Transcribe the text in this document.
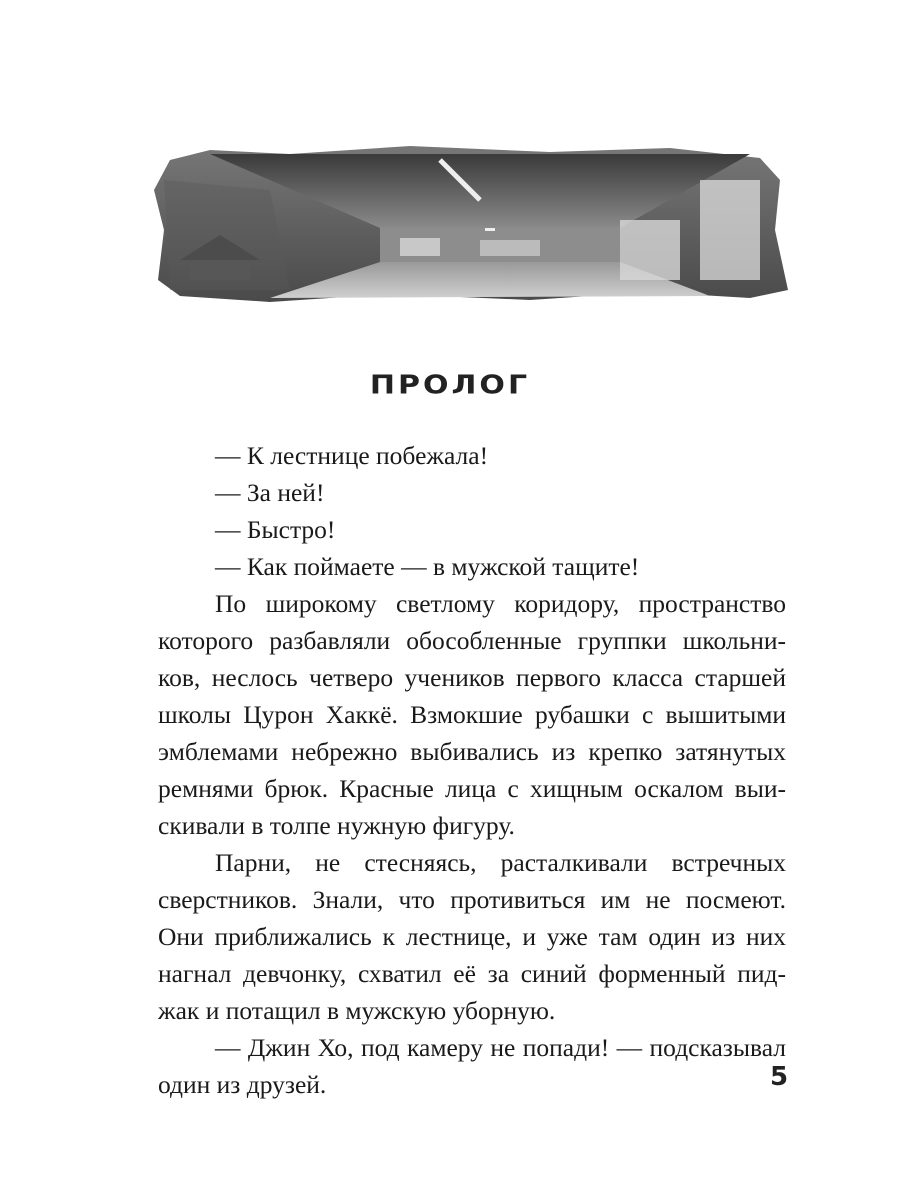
ПРОЛОГ
— К лестнице побежала!
— За ней!
— Быстро!
— Как поймаете — в мужской тащите!
По широкому светлому коридору, пространство
которого разбавляли обособленные группки школьни-
ков, неслось четверо учеников первого класса старшей
школы Цурон Хаккё. Взмокшие рубашки с вышитыми
эмблемами небрежно выбивались из крепко затянутых
ремнями брюк. Красные лица с хищным оскалом выи-
скивали в толпе нужную фигуру.
Парни, не стесняясь, расталкивали встречных
сверстников. Знали, что противиться им не посмеют.
Они приближались к лестнице, и уже там один из них
нагнал девчонку, схватил её за синий форменный пид-
жак и потащил в мужскую уборную.
— Джин Хо, под камеру не попади! — подсказывал
один из друзей.	5
